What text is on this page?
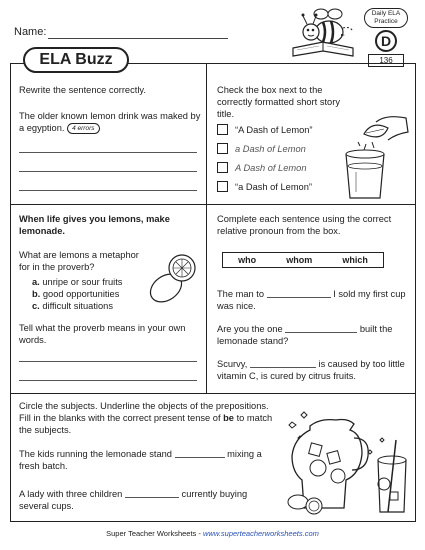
Name:
Daily ELA Practice
D
136
ELA Buzz
Rewrite the sentence correctly.
The older known lemon drink was maked by a egyption. 4 errors
Check the box next to the correctly formatted short story title.
“A Dash of Lemon”
a Dash of Lemon
A Dash of Lemon
“a Dash of Lemon”
When life gives you lemons, make lemonade.
What are lemons a metaphor for in the proverb?
a. unripe or sour fruits
b. good opportunities
c. difficult situations
Tell what the proverb means in your own words.
Complete each sentence using the correct relative pronoun from the box.
who	whom	which
The man to	I sold my first cup was nice.
Are you the one	built the lemonade stand?
Scurvy,	is caused by too little vitamin C, is cured by citrus fruits.
Circle the subjects. Underline the objects of the prepositions. Fill in the blanks with the correct present tense of be to match the subjects.
The kids running the lemonade stand	mixing a fresh batch.
A lady with three children	currently buying several cups.
Super Teacher Worksheets - www.superteacherworksheets.com
